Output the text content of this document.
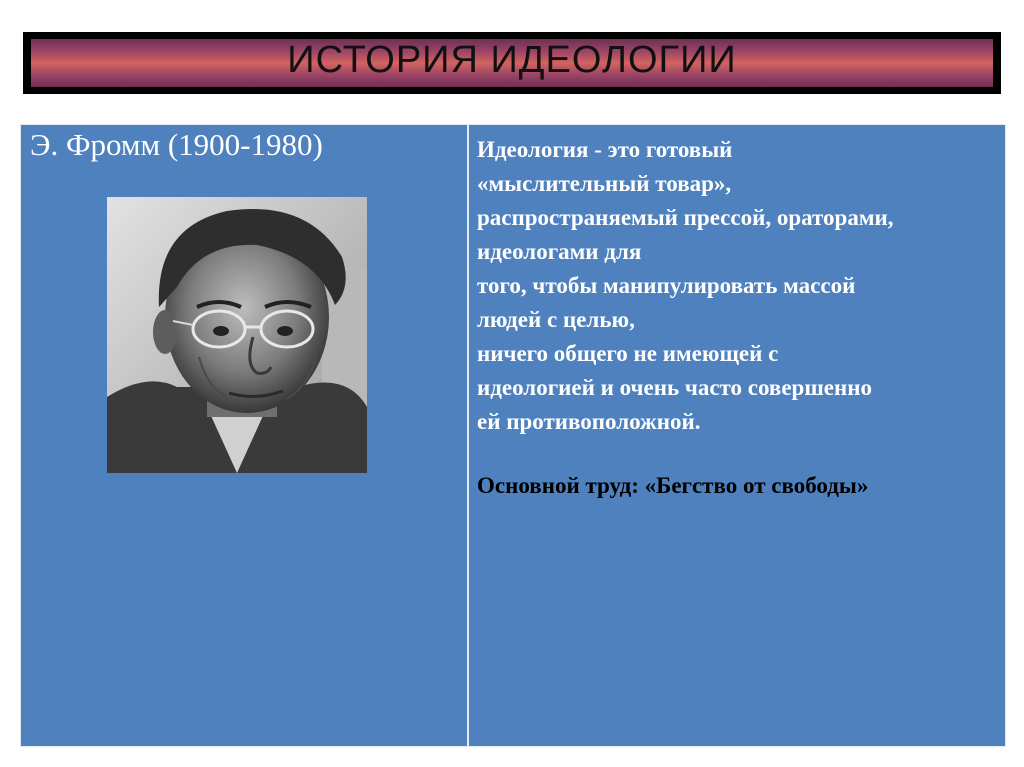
ИСТОРИЯ ИДЕОЛОГИИ
Э. Фромм (1900-1980)	Идеология - это готовый
«мыслительный товар»,
распространяемый прессой, ораторами,
идеологами для
того, чтобы манипулировать массой
людей с целью,
ничего общего не имеющей с
идеологией и очень часто совершенно
ей противоположной.
Основной труд: «Бегство от свободы»
